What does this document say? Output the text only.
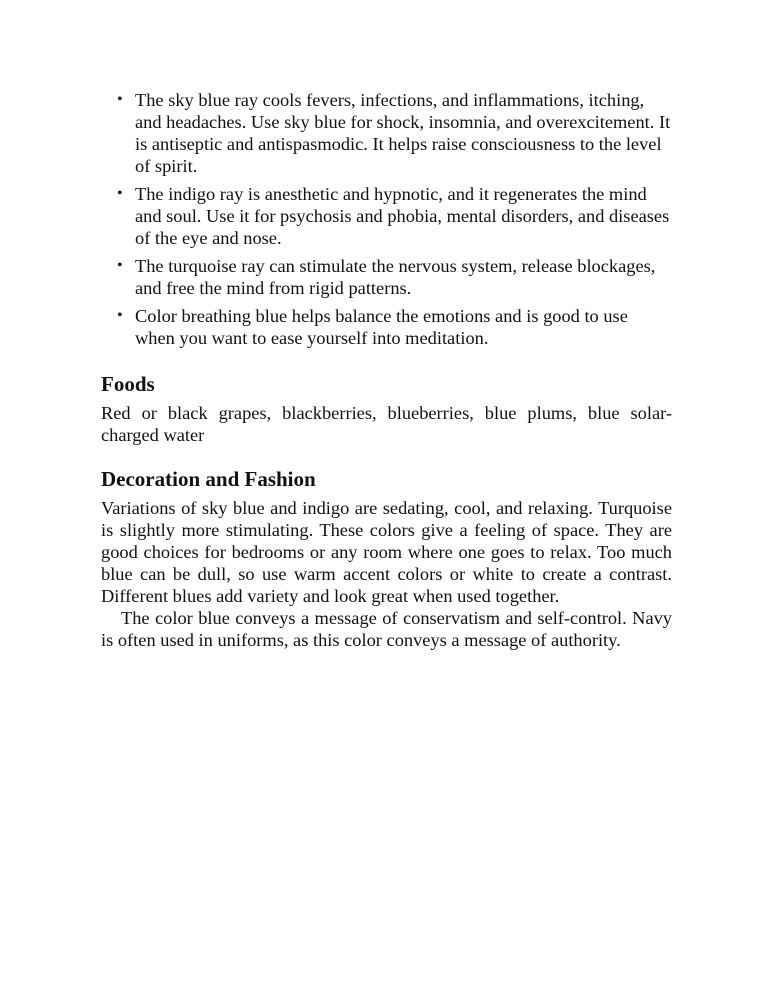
• The sky blue ray cools fevers, infections, and inflammations, itching, and headaches. Use sky blue for shock, insomnia, and overexcitement. It is antiseptic and antispasmodic. It helps raise consciousness to the level of spirit.
• The indigo ray is anesthetic and hypnotic, and it regenerates the mind and soul. Use it for psychosis and phobia, mental disorders, and diseases of the eye and nose.
• The turquoise ray can stimulate the nervous system, release blockages, and free the mind from rigid patterns.
• Color breathing blue helps balance the emotions and is good to use when you want to ease yourself into meditation.
Foods

Red or black grapes, blackberries, blueberries, blue plums, blue solar-charged water

Decoration and Fashion

Variations of sky blue and indigo are sedating, cool, and relaxing. Turquoise is slightly more stimulating. These colors give a feeling of space. They are good choices for bedrooms or any room where one goes to relax. Too much blue can be dull, so use warm accent colors or white to create a contrast. Different blues add variety and look great when used together.

The color blue conveys a message of conservatism and self-control. Navy is often used in uniforms, as this color conveys a message of authority.
